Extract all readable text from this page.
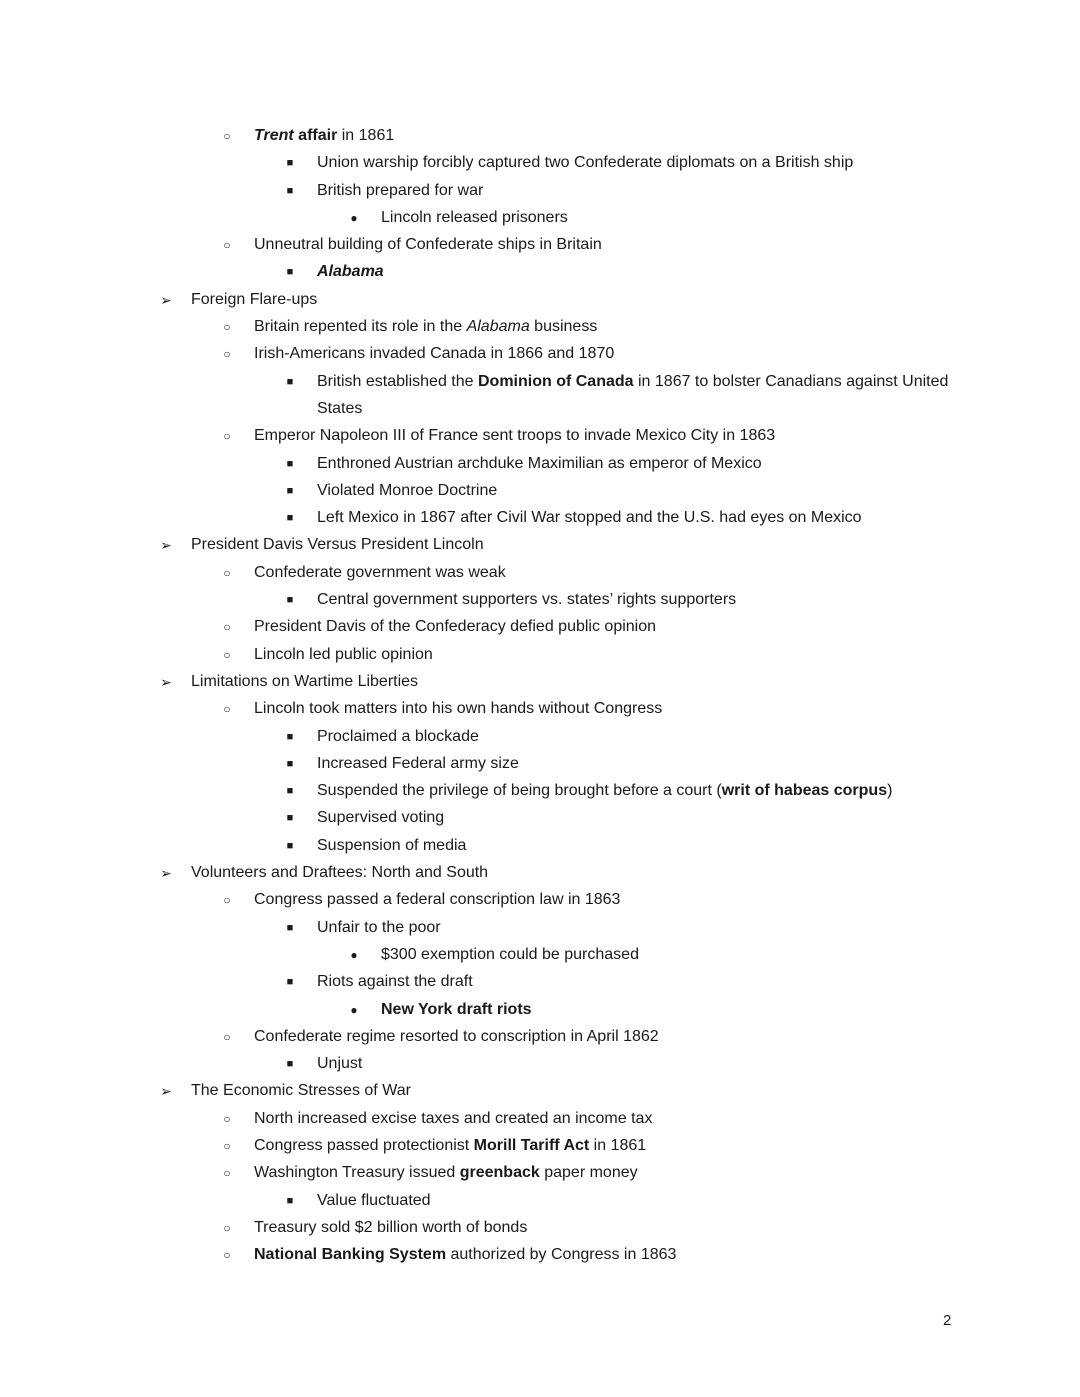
○ Trent affair in 1861
■ Union warship forcibly captured two Confederate diplomats on a British ship
■ British prepared for war
● Lincoln released prisoners
○ Unneutral building of Confederate ships in Britain
■ Alabama
➢ Foreign Flare-ups
○ Britain repented its role in the Alabama business
○ Irish-Americans invaded Canada in 1866 and 1870
■ British established the Dominion of Canada in 1867 to bolster Canadians against United
States
○ Emperor Napoleon III of France sent troops to invade Mexico City in 1863
■ Enthroned Austrian archduke Maximilian as emperor of Mexico
■ Violated Monroe Doctrine
■ Left Mexico in 1867 after Civil War stopped and the U.S. had eyes on Mexico
➢ President Davis Versus President Lincoln
○ Confederate government was weak
■ Central government supporters vs. states’ rights supporters
○ President Davis of the Confederacy defied public opinion
○ Lincoln led public opinion
➢ Limitations on Wartime Liberties
○ Lincoln took matters into his own hands without Congress
■ Proclaimed a blockade
■ Increased Federal army size
■ Suspended the privilege of being brought before a court (writ of habeas corpus)
■ Supervised voting
■ Suspension of media
➢ Volunteers and Draftees: North and South
○ Congress passed a federal conscription law in 1863
■ Unfair to the poor
● $300 exemption could be purchased
■ Riots against the draft
● New York draft riots
○ Confederate regime resorted to conscription in April 1862
■ Unjust
➢ The Economic Stresses of War
○ North increased excise taxes and created an income tax
○ Congress passed protectionist Morill Tariff Act in 1861
○ Washington Treasury issued greenback paper money
■ Value fluctuated
○ Treasury sold $2 billion worth of bonds
○ National Banking System authorized by Congress in 1863
2
